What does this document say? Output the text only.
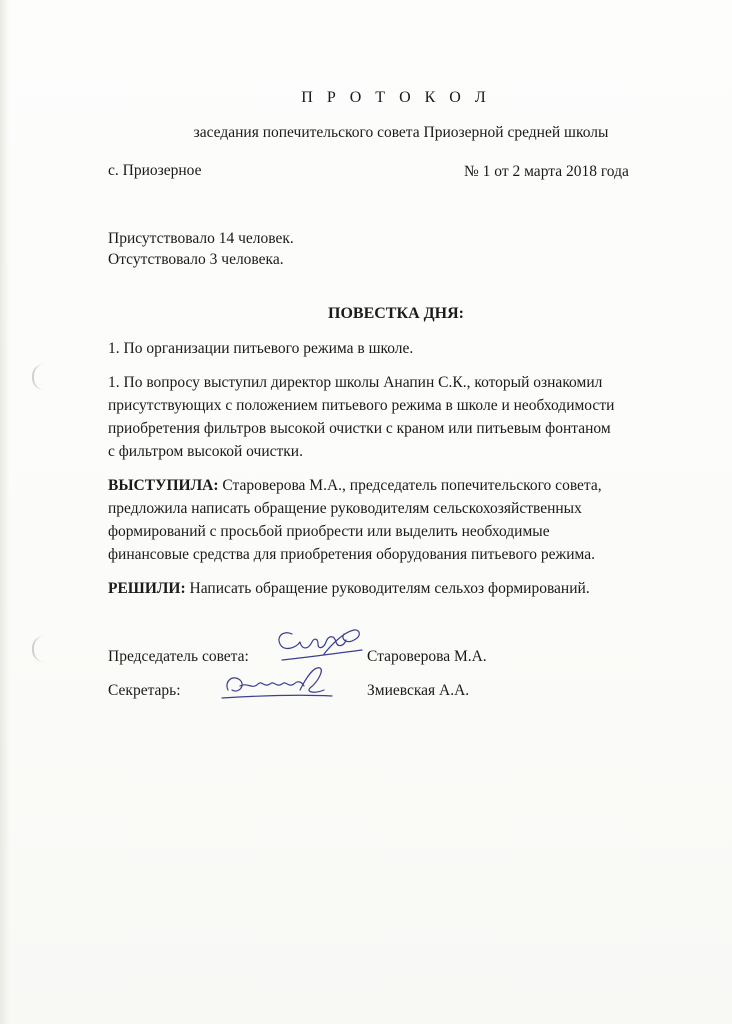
П Р О Т О К О Л
заседания попечительского совета Приозерной средней школы
с. Приозерное	№ 1 от 2 марта 2018 года
Присутствовало 14 человек.
Отсутствовало 3 человека.
ПОВЕСТКА ДНЯ:
1. По организации питьевого режима в школе.
1. По вопросу выступил директор школы Анапин С.К., который ознакомил
присутствующих с положением питьевого режима в школе и необходимости
приобретения фильтров высокой очистки с краном или питьевым фонтаном
с фильтром высокой очистки.
ВЫСТУПИЛА: Староверова М.А., председатель попечительского совета,
предложила написать обращение руководителям сельскохозяйственных
формирований с просьбой приобрести или выделить необходимые
финансовые средства для приобретения оборудования питьевого режима.
РЕШИЛИ: Написать обращение руководителям сельхоз формирований.
Председатель совета:	Староверова М.А.
Секретарь:	Змиевская А.А.
